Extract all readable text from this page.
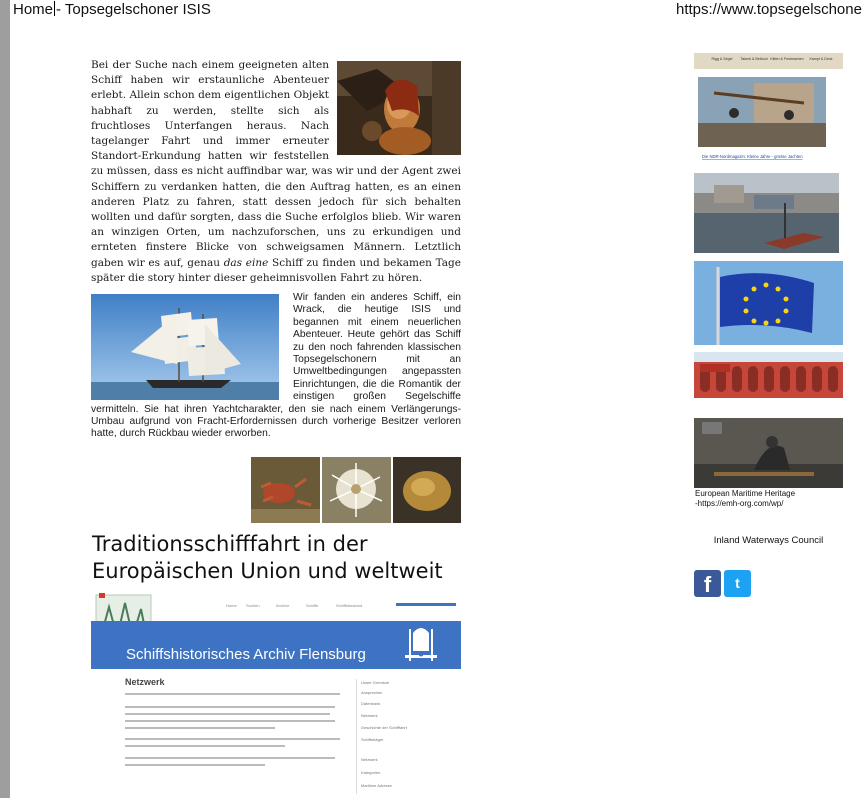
Home - Topsegelschoner ISIS	https://www.topsegelschone
Bei der Suche nach einem geeigneten alten Schiff haben wir erstaunliche Abenteuer erlebt. Allein schon dem eigentlichen Objekt habhaft zu werden, stellte sich als fruchtloses Unterfangen heraus. Nach tagelanger Fahrt und immer erneuter Standort-Erkundung hatten wir feststellen zu müssen, dass es nicht auffindbar war, was wir und der Agent zwei Schiffern zu verdanken hatten, die den Auftrag hatten, es an einen anderen Platz zu fahren, statt dessen jedoch für sich behalten wollten und dafür sorgten, dass die Suche erfolglos blieb. Wir waren an winzigen Orten, um nachzuforschen, uns zu erkundigen und ernteten finstere Blicke von schweigsamen Männern. Letztlich gaben wir es auf, genau das eine Schiff zu finden und bekamen Tage später die story hinter dieser geheimnisvollen Fahrt zu hören.
Wir fanden ein anderes Schiff, ein Wrack, die heutige ISIS und begannen mit einem neuerlichen Abenteuer. Heute gehört das Schiff zu den noch fahrenden klassischen Topsegelschonern mit an Umweltbedingungen angepassten Einrichtungen, die die Romantik der einstigen großen Segelschiffe vermitteln. Sie hat ihren Yachtcharakter, den sie nach einem Verlängerungs-Umbau aufgrund von Fracht-Erfordernissen durch vorherige Besitzer verloren hatte, durch Rückbau wieder erworben.
Traditionsschifffahrt in der Europäischen Union und weltweit
Home Suchen	Archive	Schiffe	Schiffsbestand
Schiffshistorisches Archiv Flensburg
Netzwerk	Unser Gremium
Ansprechen
Datenbank
Netzwerk
Geschichte der Schifffahrt
Schiffsträger
Netzwerk
Kategorien
Maritime Adresse
Rigg & Segel Takerk & Beiboot Kitten & Festmachen Kampf & Deck
Die NDR-Nordmagazin: Kleine Jahre - grosse Jachten
European Maritime Heritage
-https://emh-org.com/wp/
Inland Waterways Council
f	t
